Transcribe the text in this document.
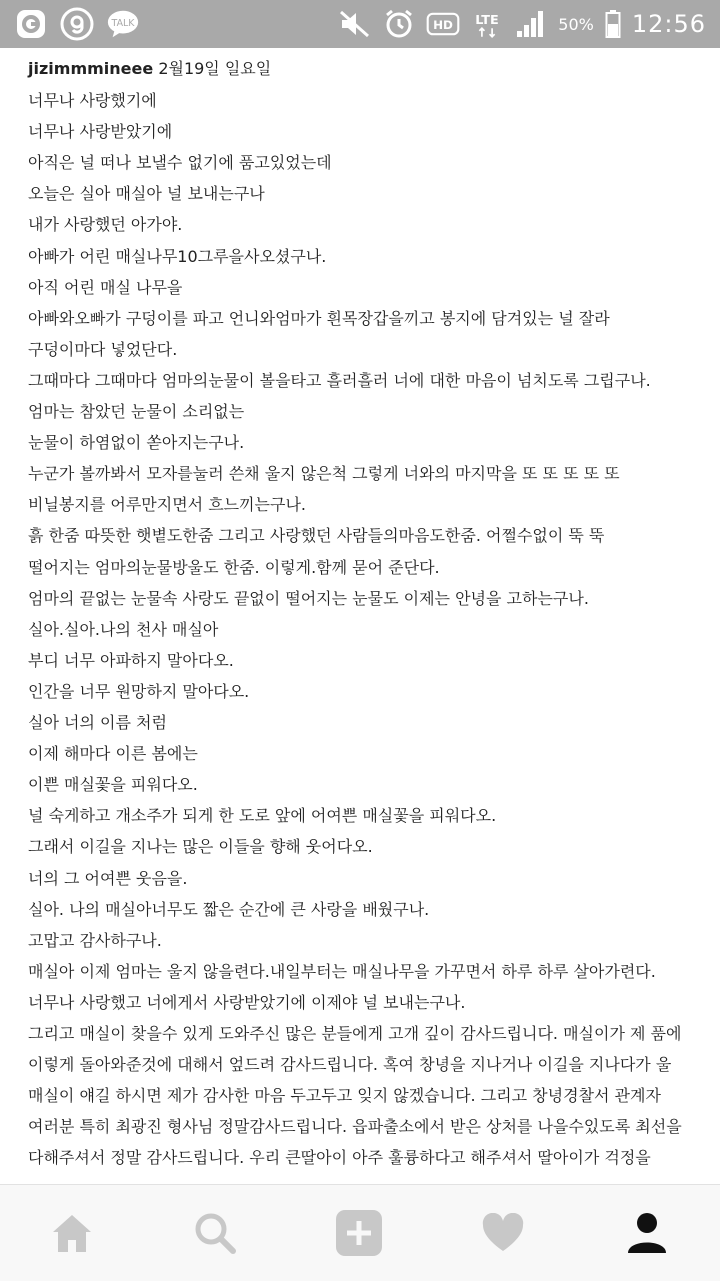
TALK	HD LTE	50% 12:56
jizimmmineee 2월19일 일요일
너무나 사랑했기에
너무나 사랑받았기에
아직은 널 떠나 보낼수 없기에 품고있었는데
오늘은 실아 매실아 널 보내는구나
내가 사랑했던 아가야.
아빠가 어린 매실나무10그루을사오셨구나.
아직 어린 매실 나무을
아빠와오빠가 구덩이를 파고 언니와엄마가 흰목장갑을끼고 봉지에 담겨있는 널 잘라
구덩이마다 넣었단다.
그때마다 그때마다 엄마의눈물이 볼을타고 흘러흘러 너에 대한 마음이 넘치도록 그립구나.
엄마는 참았던 눈물이 소리없는
눈물이 하염없이 쏟아지는구나.
누군가 볼까봐서 모자를눌러 쓴채 울지 않은척 그렇게 너와의 마지막을 또 또 또 또 또
비닐봉지를 어루만지면서 흐느끼는구나.
흙 한줌 따뜻한 햇볕도한줌 그리고 사랑했던 사람들의마음도한줌. 어쩔수없이 뚝 뚝
떨어지는 엄마의눈물방울도 한줌. 이렇게.함께 묻어 준단다.
엄마의 끝없는 눈물속 사랑도 끝없이 떨어지는 눈물도 이제는 안녕을 고하는구나.
실아.실아.나의 천사 매실아
부디 너무 아파하지 말아다오.
인간을 너무 원망하지 말아다오.
실아 너의 이름 처럼
이제 해마다 이른 봄에는
이쁜 매실꽃을 피워다오.
널 숙게하고 개소주가 되게 한 도로 앞에 어여쁜 매실꽃을 피워다오.
그래서 이길을 지나는 많은 이들을 향해 웃어다오.
너의 그 어여쁜 웃음을.
실아. 나의 매실아너무도 짧은 순간에 큰 사랑을 배웠구나.
고맙고 감사하구나.
매실아 이제 엄마는 울지 않을련다.내일부터는 매실나무을 가꾸면서 하루 하루 살아가련다.
너무나 사랑했고 너에게서 사랑받았기에 이제야 널 보내는구나.
그리고 매실이 찾을수 있게 도와주신 많은 분들에게 고개 깊이 감사드립니다. 매실이가 제 품에
이렇게 돌아와준것에 대해서 엎드려 감사드립니다. 혹여 창녕을 지나거나 이길을 지나다가 울
매실이 얘길 하시면 제가 감사한 마음 두고두고 잊지 않겠습니다. 그리고 창녕경찰서 관계자
여러분 특히 최광진 형사님 정말감사드립니다. 읍파출소에서 받은 상처를 나을수있도록 최선을
다해주셔서 정말 감사드립니다. 우리 큰딸아이 아주 훌륭하다고 해주셔서 딸아이가 걱정을
